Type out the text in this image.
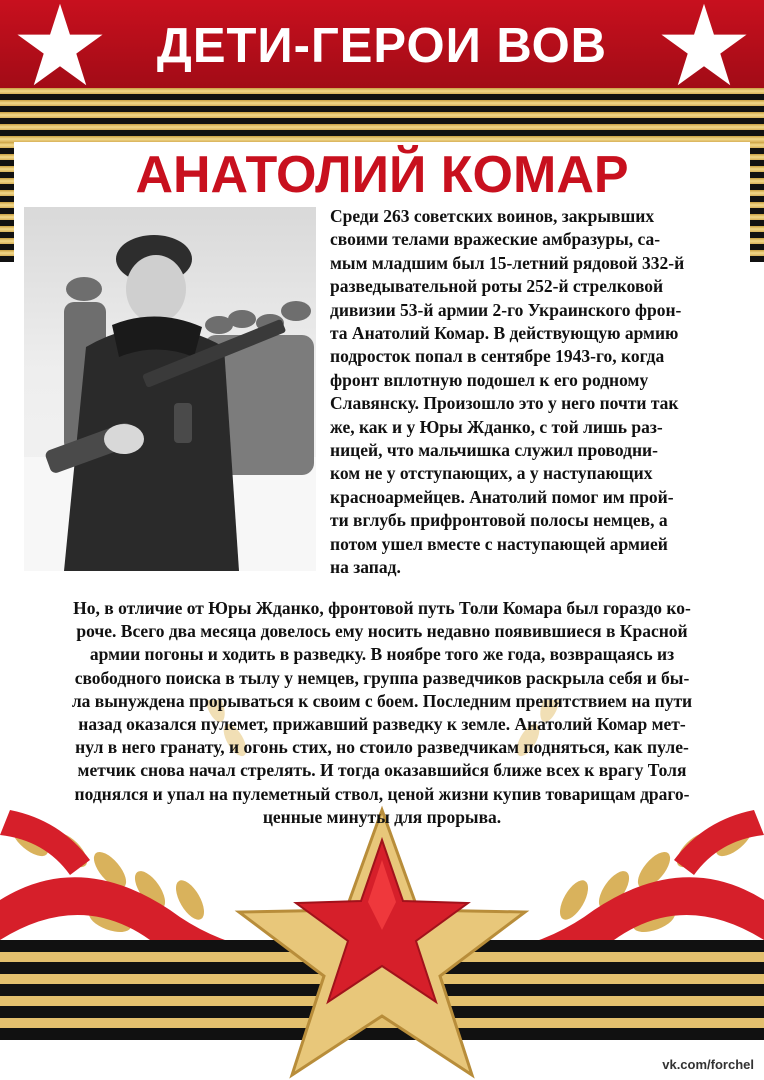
ДЕТИ-ГЕРОИ ВОВ
АНАТОЛИЙ КОМАР

Среди 263 советских воинов, закрывших
своими телами вражеские амбразуры, са-
мым младшим был 15-летний рядовой 332-й
разведывательной роты 252-й стрелковой
дивизии 53-й армии 2-го Украинского фрон-
та Анатолий Комар. В действующую армию
подросток попал в сентябре 1943-го, когда
фронт вплотную подошел к его родному
Славянску. Произошло это у него почти так
же, как и у Юры Жданко, с той лишь раз-
ницей, что мальчишка служил проводни-
ком не у отступающих, а у наступающих
красноармейцев. Анатолий помог им прой-
ти вглубь прифронтовой полосы немцев, а
потом ушел вместе с наступающей армией
на запад.

Но, в отличие от Юры Жданко, фронтовой путь Толи Комара был гораздо ко-
роче. Всего два месяца довелось ему носить недавно появившиеся в Красной
армии погоны и ходить в разведку. В ноябре того же года, возвращаясь из
свободного поиска в тылу у немцев, группа разведчиков раскрыла себя и бы-
ла вынуждена прорываться к своим с боем. Последним препятствием на пути
назад оказался пулемет, прижавший разведку к земле. Анатолий Комар мет-
нул в него гранату, и огонь стих, но стоило разведчикам подняться, как пуле-
метчик снова начал стрелять. И тогда оказавшийся ближе всех к врагу Толя
поднялся и упал на пулеметный ствол, ценой жизни купив товарищам драго-
ценные минуты для прорыва.

vk.com/forchel
